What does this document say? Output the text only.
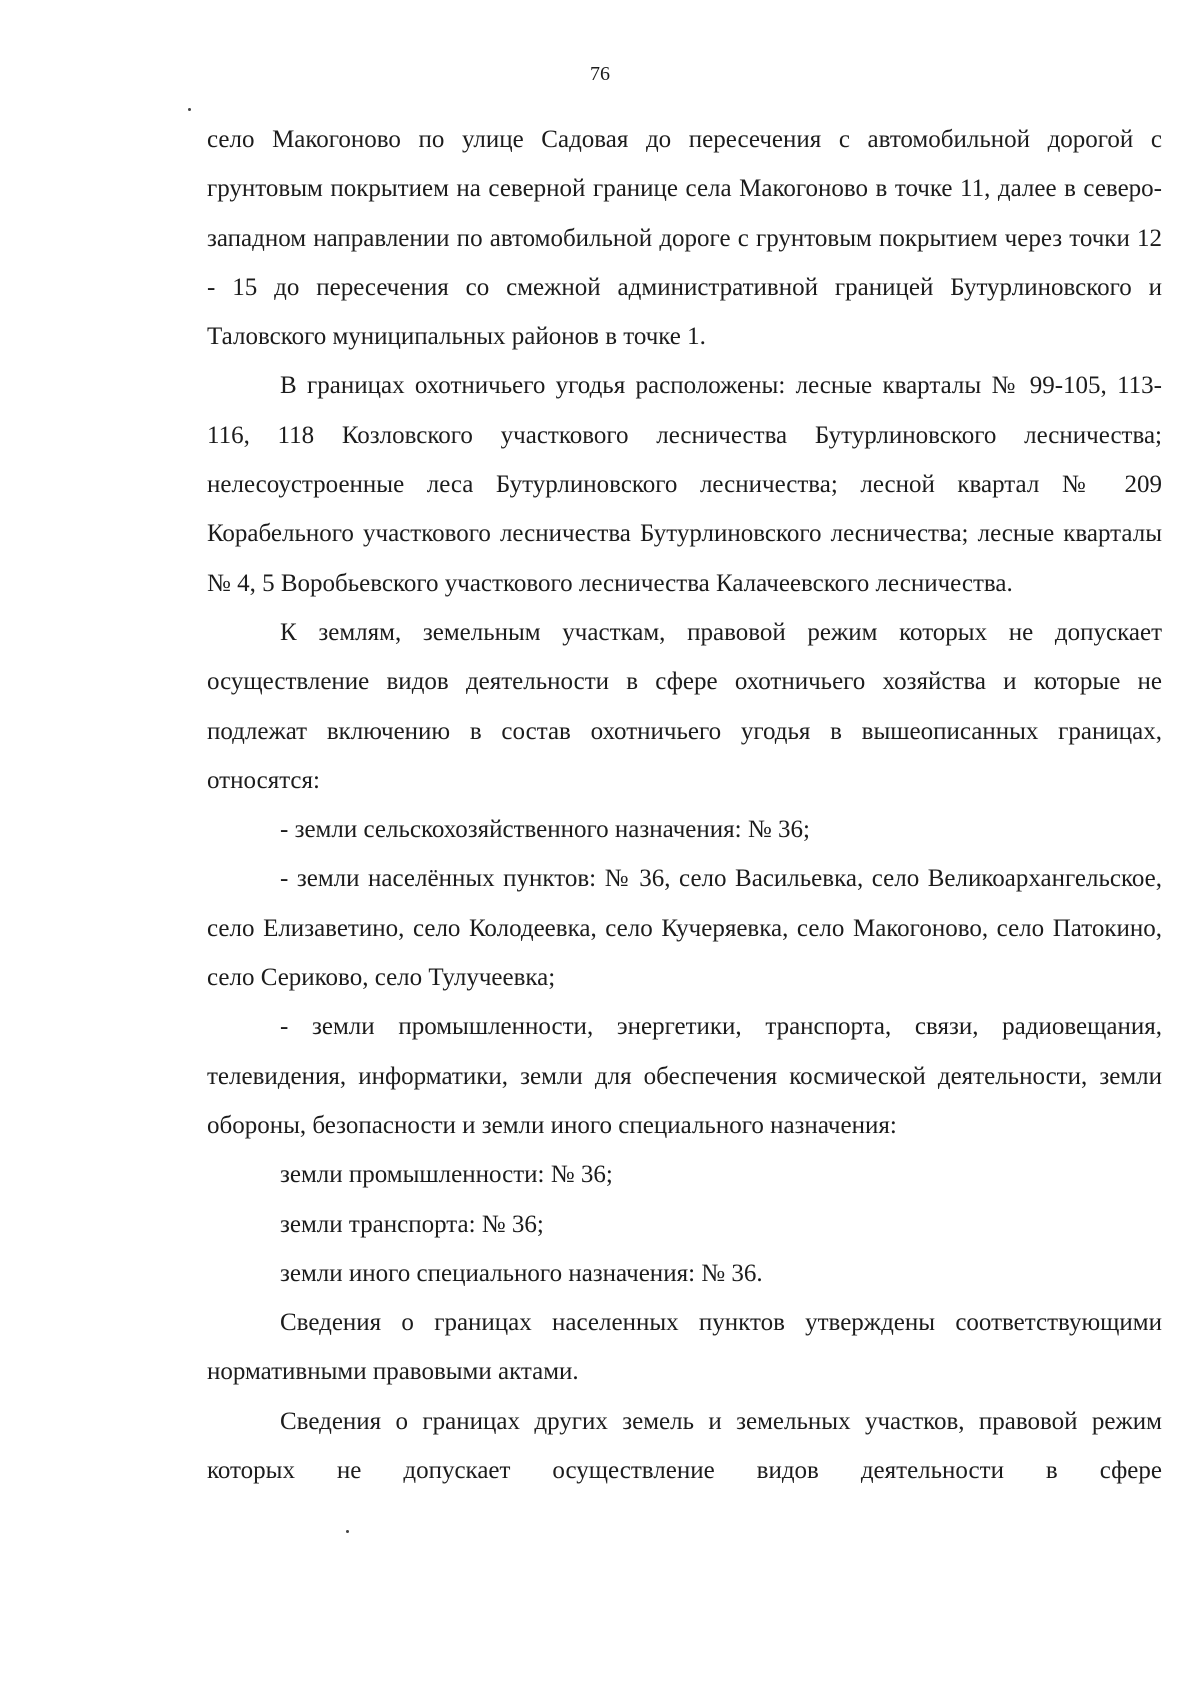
76

село Макогоново по улице Садовая до пересечения с автомобильной дорогой с грунтовым покрытием на северной границе села Макогоново в точке 11, далее в северо-западном направлении по автомобильной дороге с грунтовым покрытием через точки 12 - 15 до пересечения со смежной административной границей Бутурлиновского и Таловского муниципальных районов в точке 1.

В границах охотничьего угодья расположены: лесные кварталы № 99-105, 113-116, 118 Козловского участкового лесничества Бутурлиновского лесничества; нелесоустроенные леса Бутурлиновского лесничества; лесной квартал № 209 Корабельного участкового лесничества Бутурлиновского лесничества; лесные кварталы № 4, 5 Воробьевского участкового лесничества Калачеевского лесничества.

К землям, земельным участкам, правовой режим которых не допускает осуществление видов деятельности в сфере охотничьего хозяйства и которые не подлежат включению в состав охотничьего угодья в вышеописанных границах, относятся:

- земли сельскохозяйственного назначения: № 36;

- земли населённых пунктов: № 36, село Васильевка, село Великоархангельское, село Елизаветино, село Колодеевка, село Кучеряевка, село Макогоново, село Патокино, село Сериково, село Тулучеевка;

- земли промышленности, энергетики, транспорта, связи, радиовещания, телевидения, информатики, земли для обеспечения космической деятельности, земли обороны, безопасности и земли иного специального назначения:

земли промышленности: № 36;

земли транспорта: № 36;

земли иного специального назначения: № 36.

Сведения о границах населенных пунктов утверждены соответствующими нормативными правовыми актами.

Сведения о границах других земель и земельных участков, правовой режим которых не допускает осуществление видов деятельности в сфере
